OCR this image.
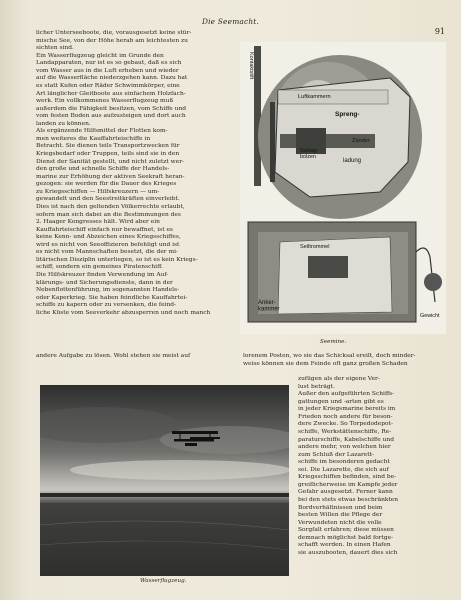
Die Seemacht.
91
licher Unterseeboote, die, vorausgesetzt keine stür-
mische See, von der Höhe herab am leichtesten zu
sichten sind.
Ein Wasserflugzeug gleicht im Grunde den
Landapparaten, nur ist es so gebaut, daß es sich
vom Wasser aus in die Luft erheben und wieder
auf die Wasserfläche niederzgehen kann. Dazu hat
es statt Kufen oder Räder Schwimmkörper, eine
Art länglicher Gleitboote aus einfachem Holzfach-
werk. Ein vollkommenes Wasserflugzeug muß
außerdem die Fähigkeit besitzen, vom Schiffe und
vom festen Boden aus aufzusteigen und dort auch
landen zu können.
Als ergänzende Hilfsmittel der Flotten kom-
men weiteres die Kauffahrteischiffe in
Betracht. Sie dienen teils Transportzwecken für
Kriegsbedarf oder Truppen, teils sind sie in den
Dienst der Sanität gestellt, und nicht zuletzt wer-
den große und schnelle Schiffe der Handels-
marine zur Erhöhung der aktiven Seekraft heran-
gezogen: sie werden für die Dauer des Krieges
zu Kriegsschiffen — Hilfskreuzern — um-
gewandelt und den Seestreitkräften einverleibt.
Dies ist nach den geltenden Völkerrechte erlaubt,
sofern man sich dabei an die Bestimmungen des
2. Haager Kongresses hält. Wird aber ein
Kauffahrteischiff einfach nur bewaffnet, ist es
keine Kenn- und Abzeichen eines Kriegsschiffes,
wird es nicht von Seeoffizieren befehligt und ist
es nicht vom Mannschaften besetzt, die der mi-
litärischen Disziplin unterliegen, so ist es kein Kriegs-
schiff, sondern ein gemeines Piratenschiff.
Die Hilfskreuzer finden Verwendung im Auf-
klärungs- und Sicherungsdienste, dann in der
Nebenflottenführung, im sogenannten Handels-
oder Kaperkrieg. Sie haben feindliche Kauffahrtei-
schiffe zu kapern oder zu versenken, die feind-
liche Küste vom Seeverkehr abzusperren und noch manch
Kontaktstift
Luftkammern
Spreng-
Zünder
Schlag-bolzen
ladung
Seiltrommel
Anker-kammer
Gewicht
Seemine.
andere Aufgabe zu lösen. Wohl stehen sie meist auf	lorenem Posten, wo sie das Schicksal ereilt, doch minder-
weise können sie dem Feinde oft ganz großen Schaden
zufügen als der eigene Ver-
lust beträgt.
Außer den aufgeführten Schiffs-
gattungen und -arten gibt es
in jeder Kriegsmarine bereits im
Frieden noch andere für beson-
dere Zwecke. So Torpedodepot-
schiffe, Werkstättenschiffe, Re-
paraturschiffe, Kabelschiffe und
andere mehr, von welchen hier
zum Schluß der Lazarett-
schiffe im besonderen gedacht
sei. Die Lazarette, die sich auf
Kriegsschiffen befinden, sind be-
greiflicherweise im Kampfe jeder
Gefahr ausgesetzt. Ferner kann
bei den stets etwas beschränkten
Bordverhältnissen und beim
besten Willen die Pflege der
Verwundeten nicht die volle
Sorgfalt erfahren; diese müssen
demnach möglichst bald fortge-
schafft werden. In einen Hafen
sie auszubooten, dauert dies sich
Wasserflugzeug.
